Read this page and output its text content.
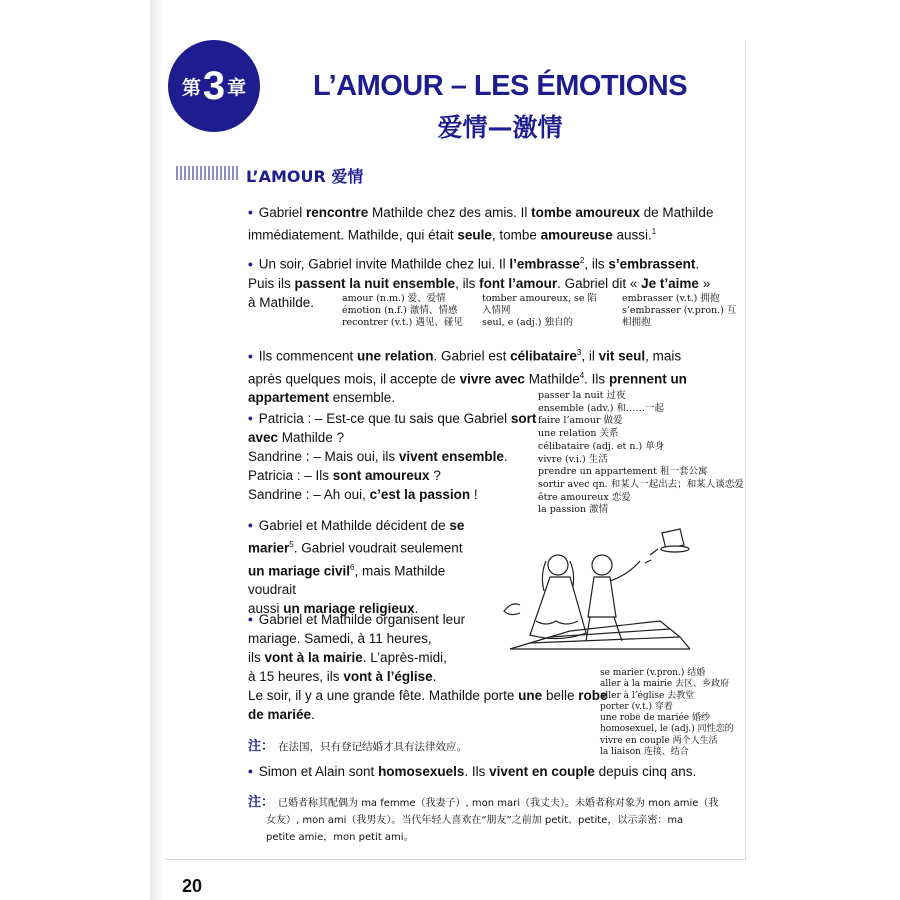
第 3 章	L’AMOUR – LES ÉMOTIONS
爱情—激情
L’AMOUR 爱情
• Gabriel rencontre Mathilde chez des amis. Il tombe amoureux de Mathilde
immédiatement. Mathilde, qui était seule, tombe amoureuse aussi.$^1$
• Un soir, Gabriel invite Mathilde chez lui. Il l’embrasse$^2$, ils s’embrassent.
Puis ils passent la nuit ensemble, ils font l’amour. Gabriel dit « Je t’aime »
à Mathilde.	amour (n.m.) 爱、爱情
émotion (n.f.) 激情、情感
recontrer (v.t.) 遇见、碰见
tomber amoureux, se 陷
入情网
seul, e (adj.) 独自的
embrasser (v.t.) 拥抱
s’embrasser (v.pron.) 互
相拥抱
• Ils commencent une relation. Gabriel est célibataire$^3$, il vit seul, mais
après quelques mois, il accepte de vivre avec Mathilde$^4$. Ils prennent un
appartement ensemble.
• Patricia : – Est-ce que tu sais que Gabriel sort
avec Mathilde ?
Sandrine : – Mais oui, ils vivent ensemble.
Patricia : – Ils sont amoureux ?
Sandrine : – Ah oui, c’est la passion !
passer la nuit 过夜
ensemble (adv.) 和……一起
faire l’amour 做爱
une relation 关系
célibataire (adj. et n.) 单身
vivre (v.i.) 生活
prendre un appartement 租一套公寓
sortir avec qn. 和某人一起出去；和某人谈恋爱
être amoureux 恋爱
la passion 激情
• Gabriel et Mathilde décident de se
marier$^5$. Gabriel voudrait seulement
un mariage civil$^6$, mais Mathilde voudrait
aussi un mariage religieux.
• Gabriel et Mathilde organisent leur
mariage. Samedi, à 11 heures,
ils vont à la mairie. L’après-midi,
à 15 heures, ils vont à l’église.
Le soir, il y a une grande fête. Mathilde porte une belle robe
de mariée.
se marier (v.pron.) 结婚
aller à la mairie 去区、乡政府
aller à l’église 去教堂
porter (v.t.) 穿着
une robe de mariée 婚纱
homosexuel, le (adj.) 同性恋的
vivre en couple 两个人生活
la liaison 连接、结合
注： 在法国，只有登记结婚才具有法律效应。
• Simon et Alain sont homosexuels. Ils vivent en couple depuis cinq ans.
注： 已婚者称其配偶为 ma femme（我妻子）, mon mari（我丈夫）。未婚者称对象为 mon amie（我
女友）, mon ami（我男友）。当代年轻人喜欢在“朋友”之前加 petit、petite，以示亲密：ma
petite amie，mon petit ami。
20
